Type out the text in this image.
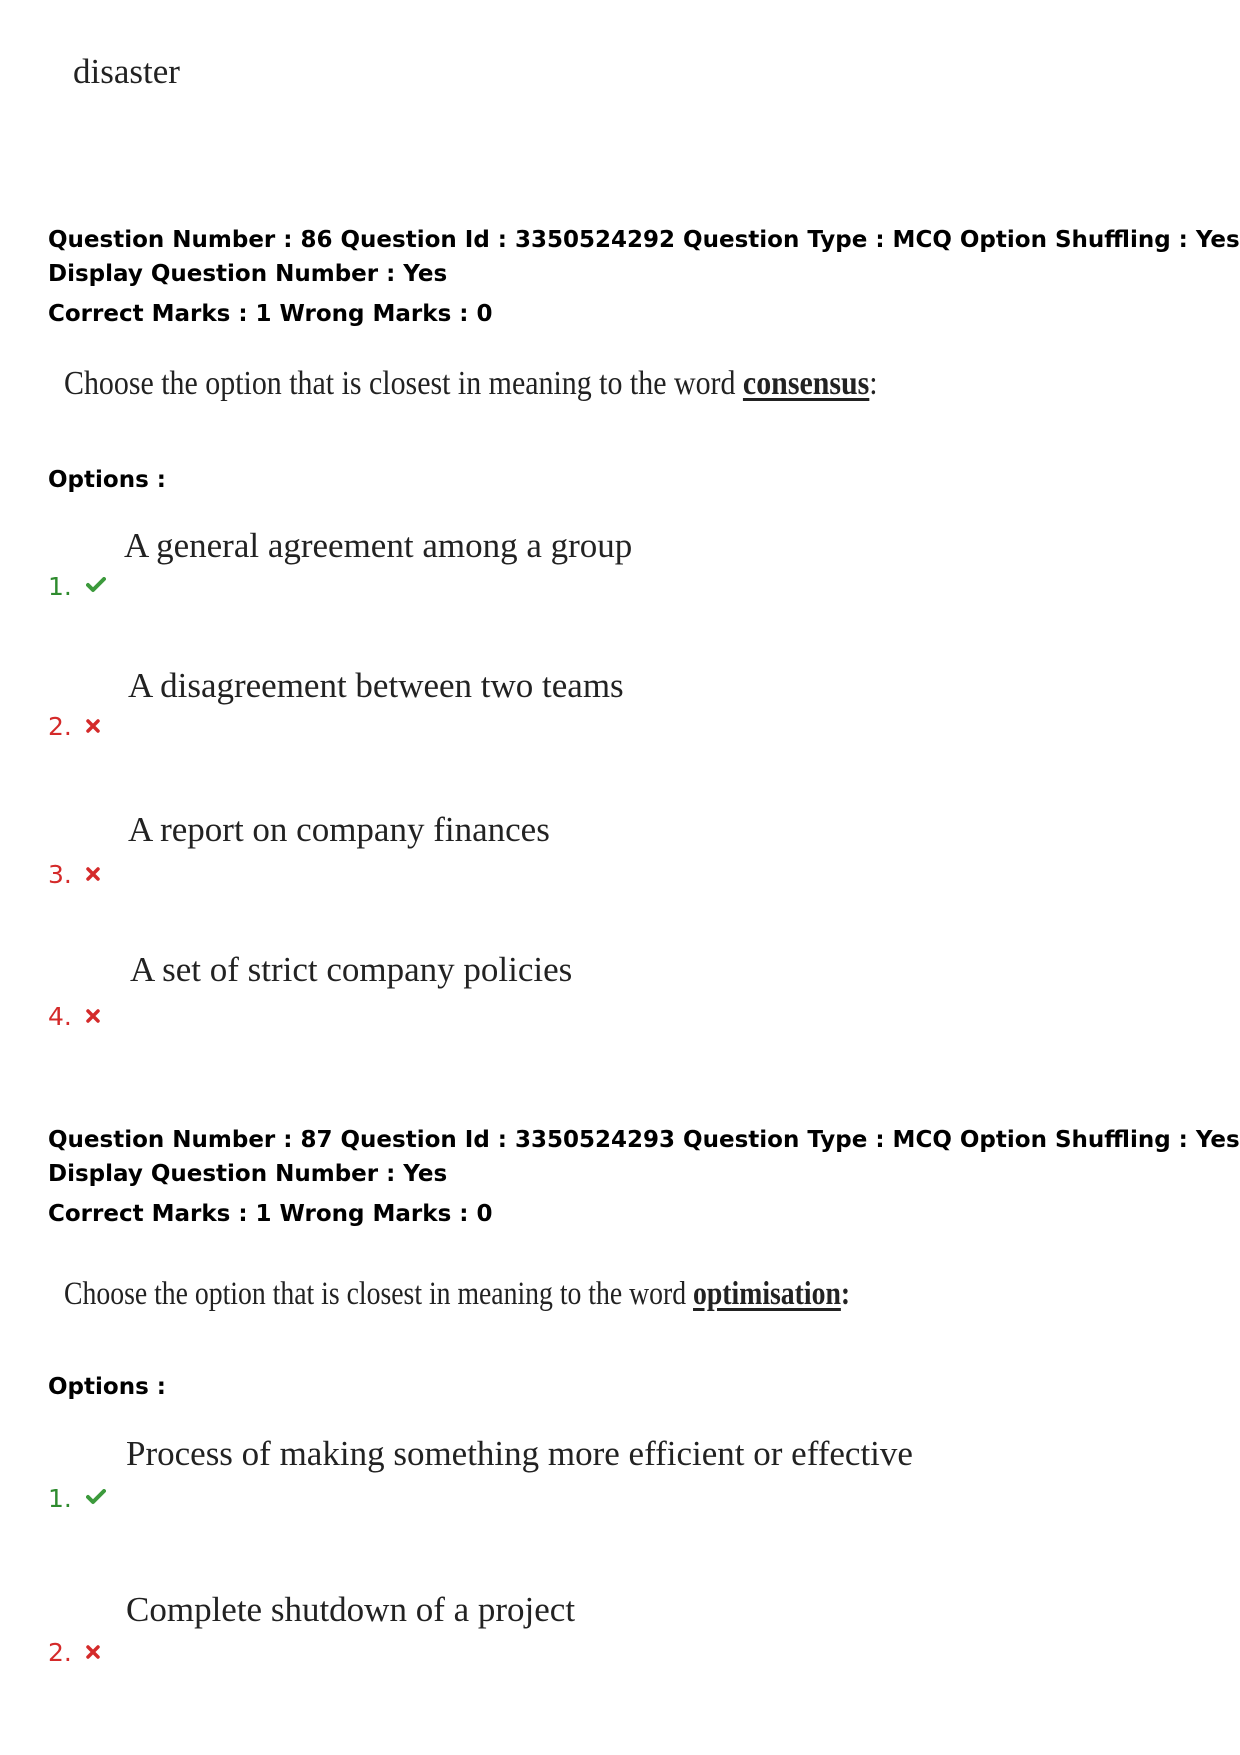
disaster
Question Number : 86 Question Id : 3350524292 Question Type : MCQ Option Shuffling : Yes
Display Question Number : Yes
Correct Marks : 1 Wrong Marks : 0
Choose the option that is closest in meaning to the word consensus:
Options :
A general agreement among a group
1.
A disagreement between two teams
2.
A report on company finances
3.
A set of strict company policies
4.
Question Number : 87 Question Id : 3350524293 Question Type : MCQ Option Shuffling : Yes
Display Question Number : Yes
Correct Marks : 1 Wrong Marks : 0
Choose the option that is closest in meaning to the word optimisation:
Options :
Process of making something more efficient or effective
1.
Complete shutdown of a project
2.
